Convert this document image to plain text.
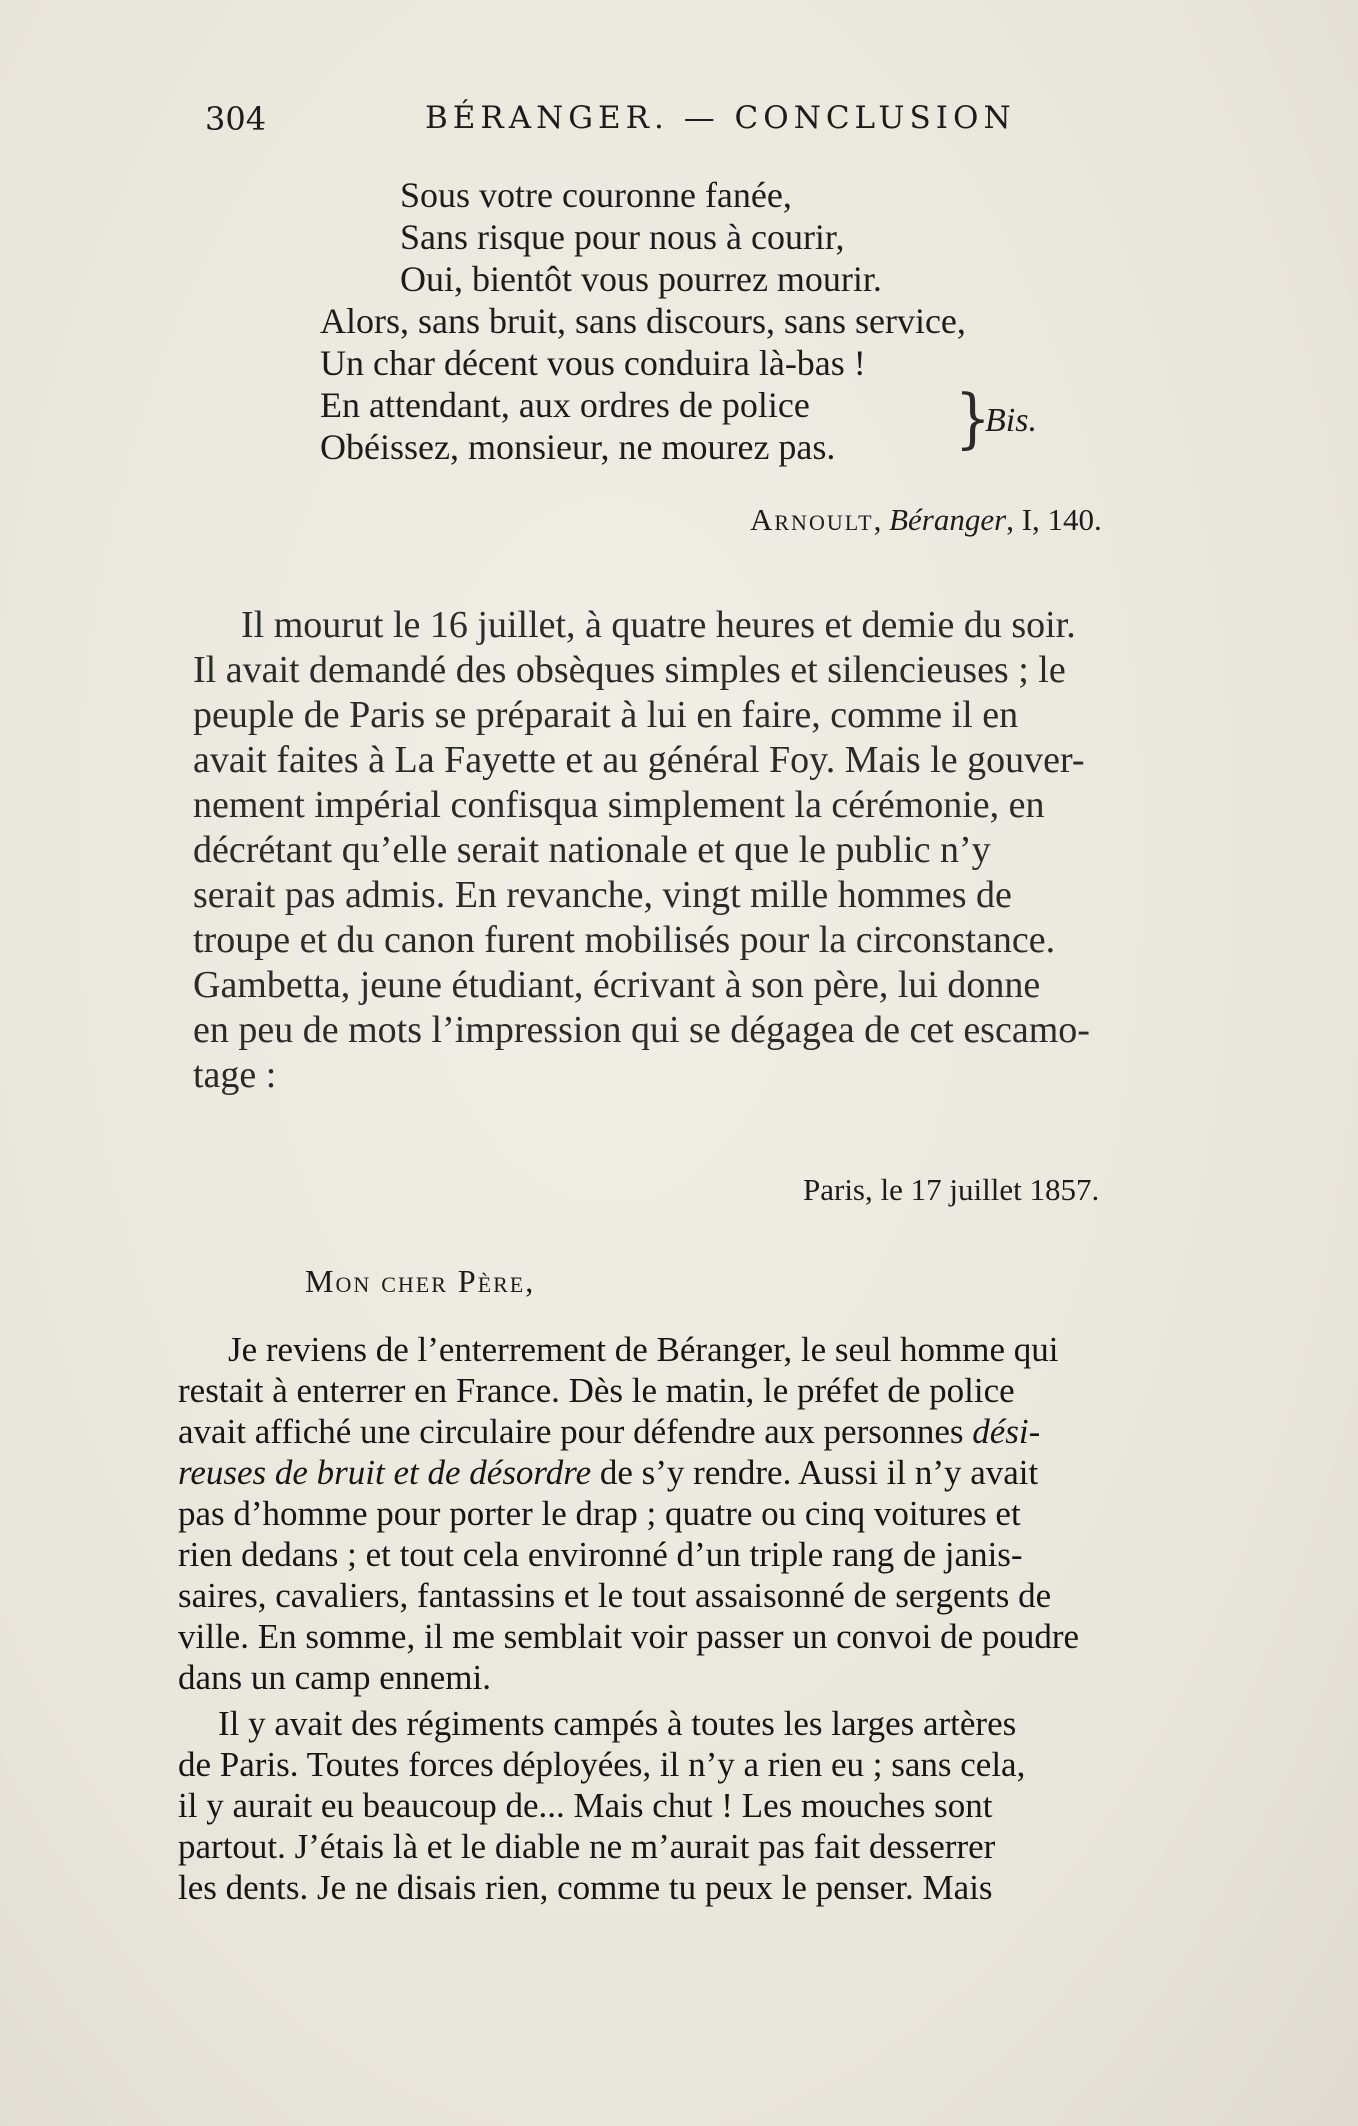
304	BÉRANGER. — CONCLUSION
Sous votre couronne fanée,
Sans risque pour nous à courir,
Oui, bientôt vous pourrez mourir.
Alors, sans bruit, sans discours, sans service,
Un char décent vous conduira là-bas !
En attendant, aux ordres de police
Obéissez, monsieur, ne mourez pas. }
Bis.
Arnoult, Béranger, I, 140.
Il mourut le 16 juillet, à quatre heures et demie du soir.
Il avait demandé des obsèques simples et silencieuses ; le
peuple de Paris se préparait à lui en faire, comme il en
avait faites à La Fayette et au général Foy. Mais le gouver-
nement impérial confisqua simplement la cérémonie, en
décrétant qu’elle serait nationale et que le public n’y
serait pas admis. En revanche, vingt mille hommes de
troupe et du canon furent mobilisés pour la circonstance.
Gambetta, jeune étudiant, écrivant à son père, lui donne
en peu de mots l’impression qui se dégagea de cet escamo-
tage :
Paris, le 17 juillet 1857.
Mon cher Père,
Je reviens de l’enterrement de Béranger, le seul homme qui
restait à enterrer en France. Dès le matin, le préfet de police
avait affiché une circulaire pour défendre aux personnes dési-
reuses de bruit et de désordre de s’y rendre. Aussi il n’y avait
pas d’homme pour porter le drap ; quatre ou cinq voitures et
rien dedans ; et tout cela environné d’un triple rang de janis-
saires, cavaliers, fantassins et le tout assaisonné de sergents de
ville. En somme, il me semblait voir passer un convoi de poudre
dans un camp ennemi.
Il y avait des régiments campés à toutes les larges artères
de Paris. Toutes forces déployées, il n’y a rien eu ; sans cela,
il y aurait eu beaucoup de... Mais chut ! Les mouches sont
partout. J’étais là et le diable ne m’aurait pas fait desserrer
les dents. Je ne disais rien, comme tu peux le penser. Mais
